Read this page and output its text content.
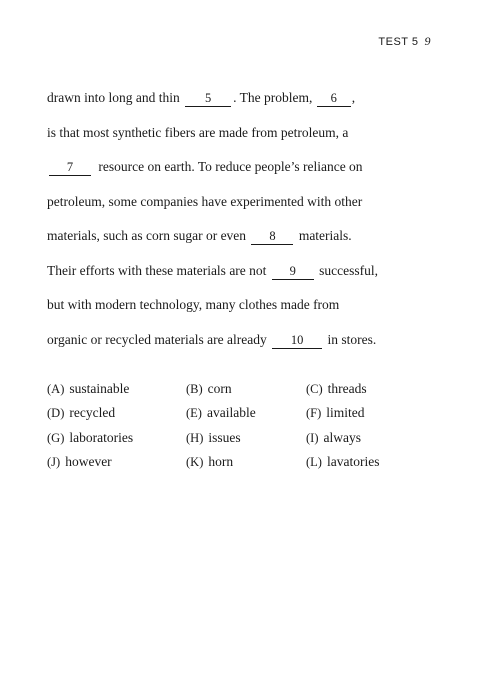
TEST 5 9
drawn into long and thin 5 . The problem, 6 ,
is that most synthetic fibers are made from petroleum, a
7 resource on earth. To reduce people’s reliance on
petroleum, some companies have experimented with other
materials, such as corn sugar or even 8 materials.
Their efforts with these materials are not 9 successful,
but with modern technology, many clothes made from
organic or recycled materials are already 10 in stores.
(A) sustainable	(B) corn	(C) threads
(D) recycled	(E) available	(F) limited
(G) laboratories	(H) issues	(I) always
(J) however	(K) horn	(L) lavatories
